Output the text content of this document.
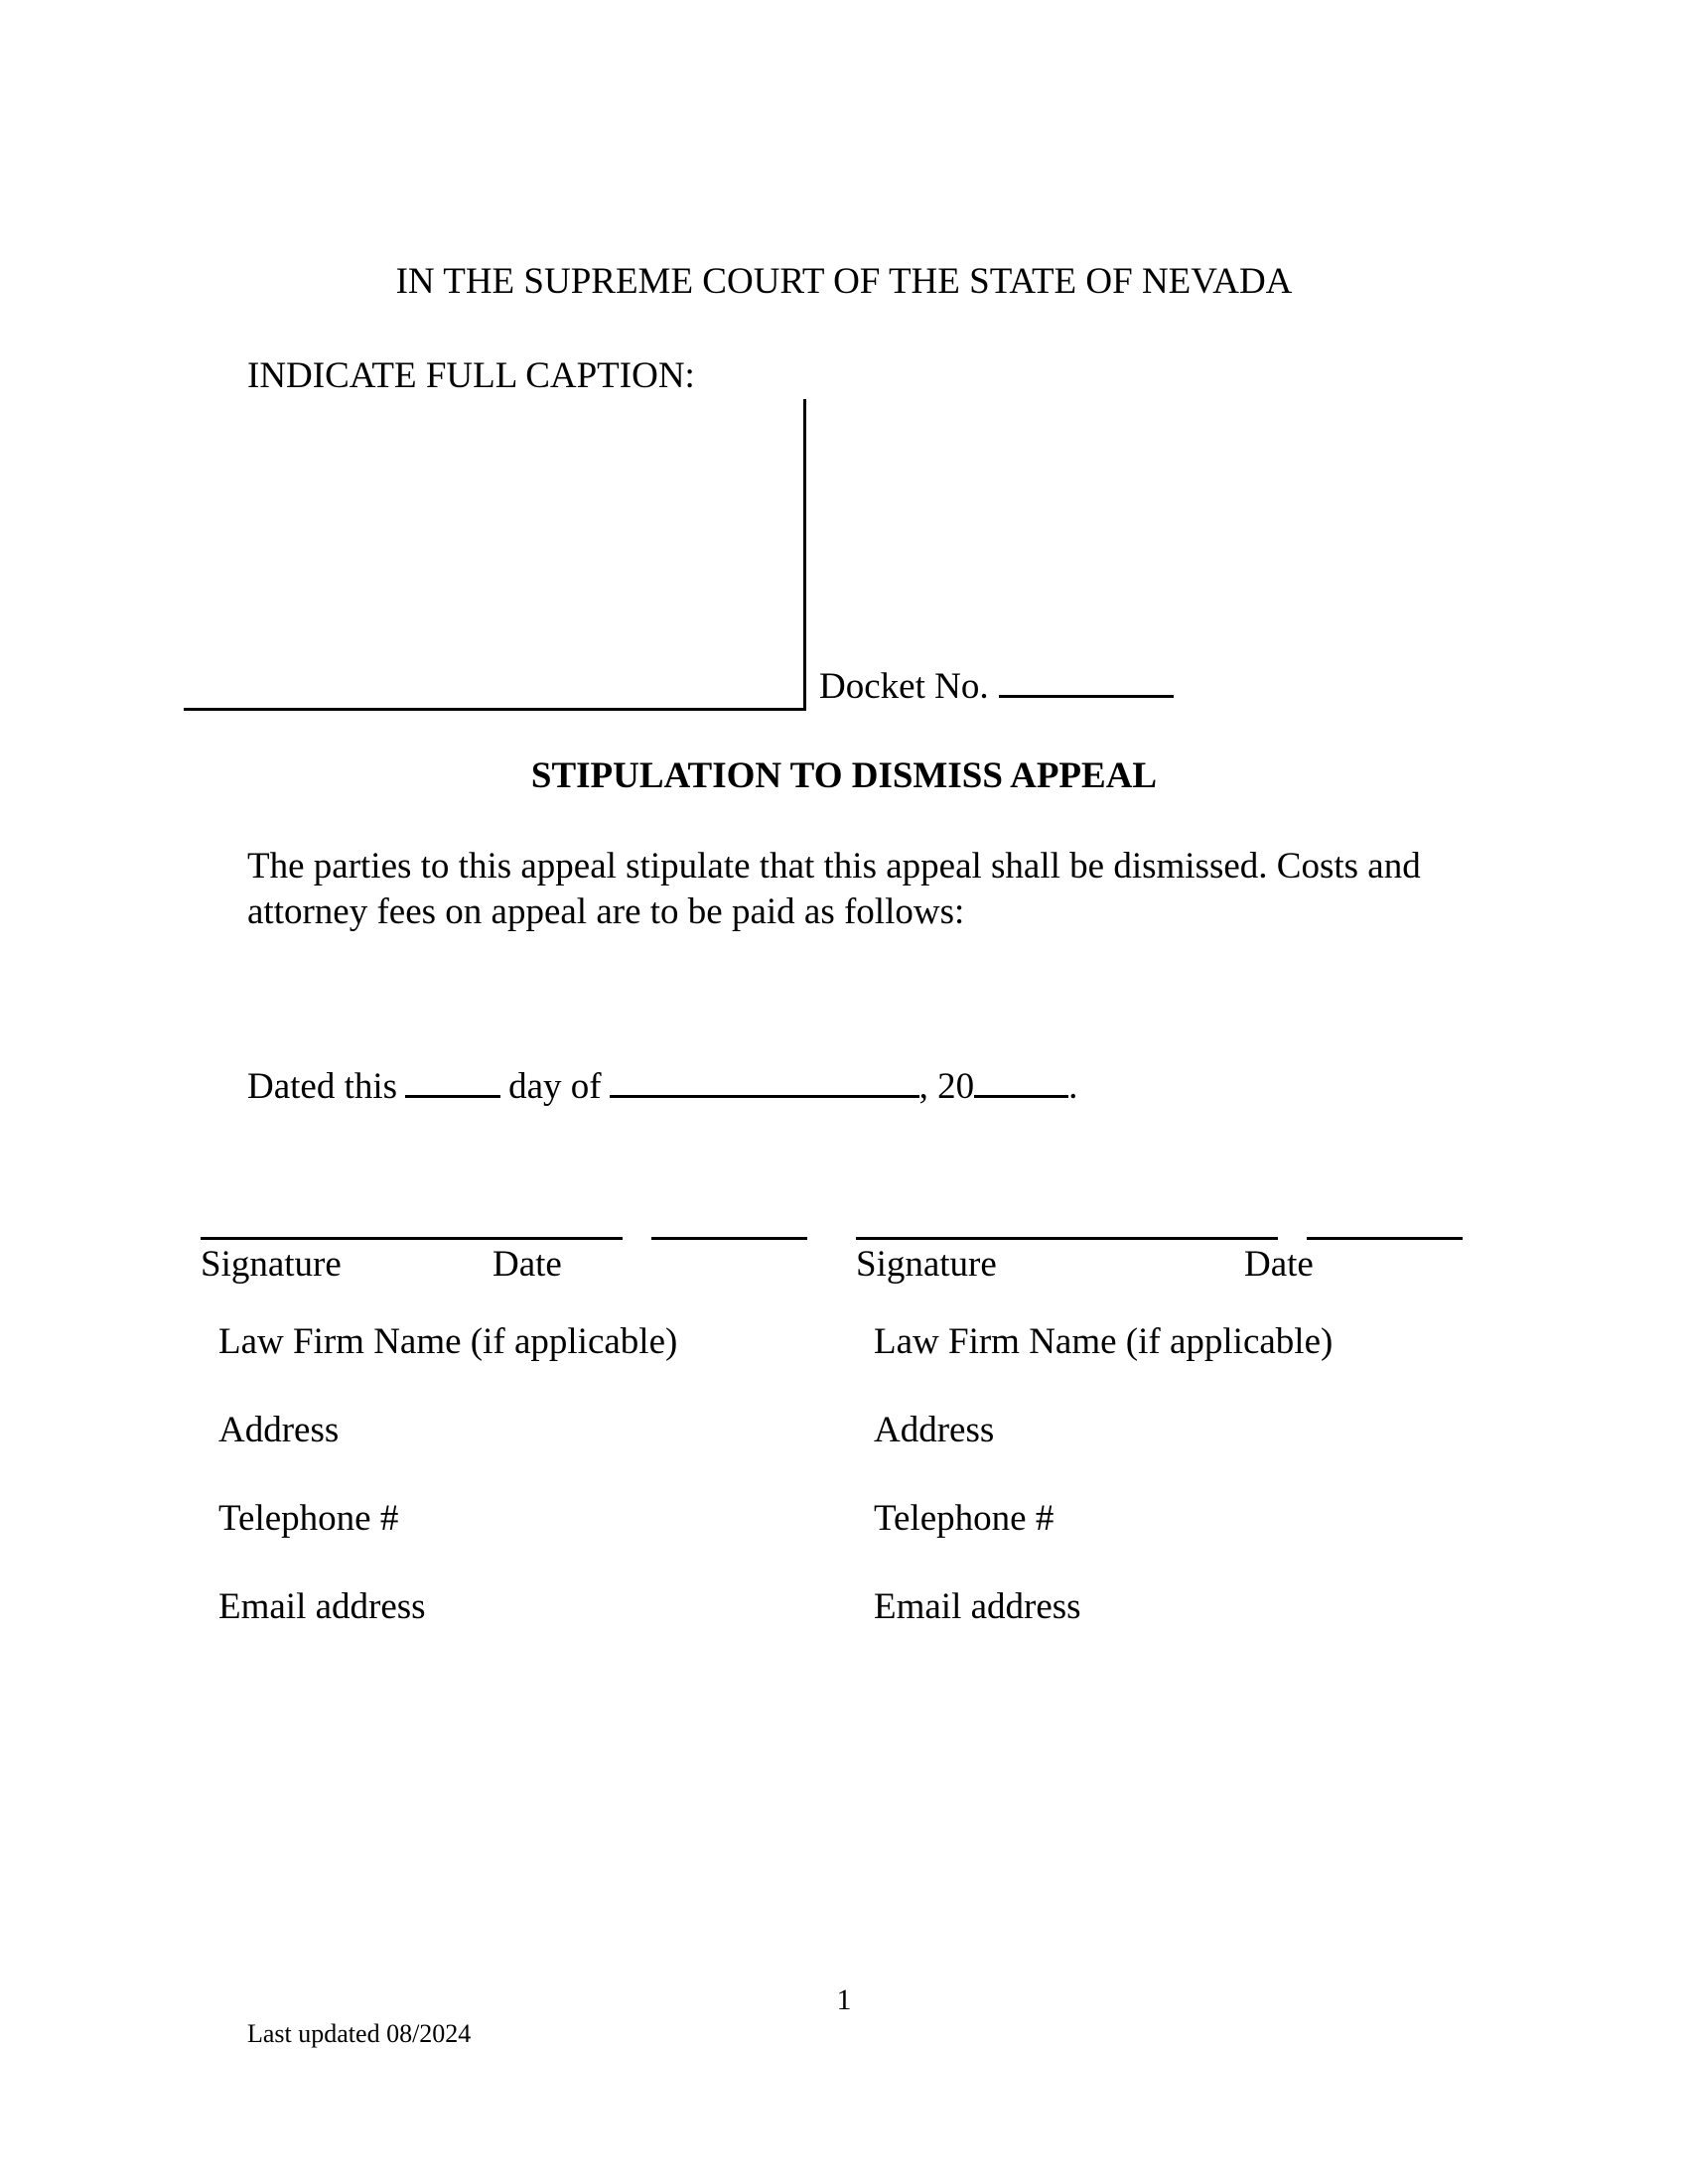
IN THE SUPREME COURT OF THE STATE OF NEVADA
INDICATE FULL CAPTION:
Docket No.
STIPULATION TO DISMISS APPEAL
The parties to this appeal stipulate that this appeal shall be dismissed. Costs and attorney fees on appeal are to be paid as follows:
Dated this	day of	, 20	.
Signature	Date
Law Firm Name (if applicable)
Address
Telephone #
Email address
Signature	Date
Law Firm Name (if applicable)
Address
Telephone #
Email address
1
Last updated 08/2024
